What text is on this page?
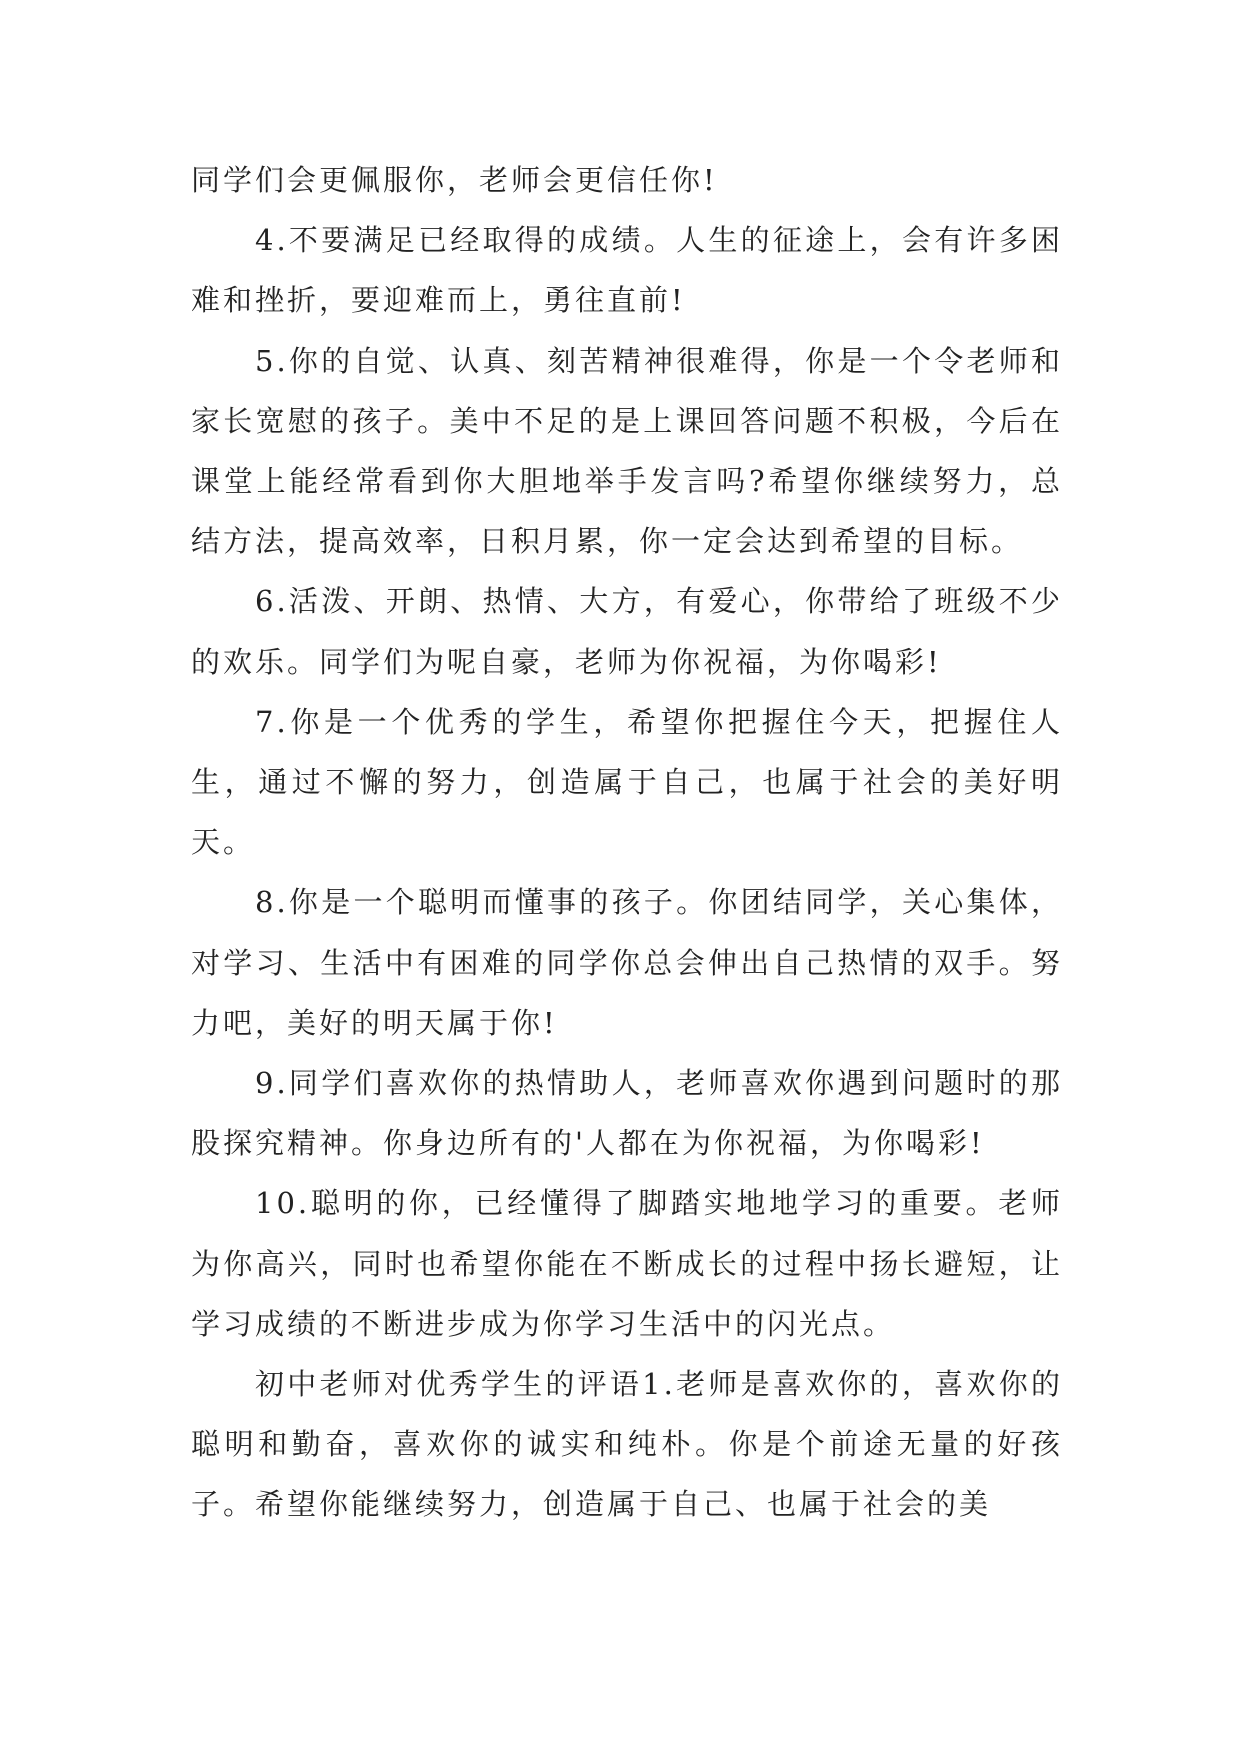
同学们会更佩服你，老师会更信任你!

4.不要满足已经取得的成绩。人生的征途上，会有许多困难和挫折，要迎难而上，勇往直前!

5.你的自觉、认真、刻苦精神很难得，你是一个令老师和家长宽慰的孩子。美中不足的是上课回答问题不积极，今后在课堂上能经常看到你大胆地举手发言吗?希望你继续努力，总结方法，提高效率，日积月累，你一定会达到希望的目标。

6.活泼、开朗、热情、大方，有爱心，你带给了班级不少的欢乐。同学们为呢自豪，老师为你祝福，为你喝彩!

7.你是一个优秀的学生，希望你把握住今天，把握住人生，通过不懈的努力，创造属于自己，也属于社会的美好明天。

8.你是一个聪明而懂事的孩子。你团结同学，关心集体，对学习、生活中有困难的同学你总会伸出自己热情的双手。努力吧，美好的明天属于你!

9.同学们喜欢你的热情助人，老师喜欢你遇到问题时的那股探究精神。你身边所有的'人都在为你祝福，为你喝彩!

10.聪明的你，已经懂得了脚踏实地地学习的重要。老师为你高兴，同时也希望你能在不断成长的过程中扬长避短，让学习成绩的不断进步成为你学习生活中的闪光点。

初中老师对优秀学生的评语1.老师是喜欢你的，喜欢你的聪明和勤奋，喜欢你的诚实和纯朴。你是个前途无量的好孩子。希望你能继续努力，创造属于自己、也属于社会的美
